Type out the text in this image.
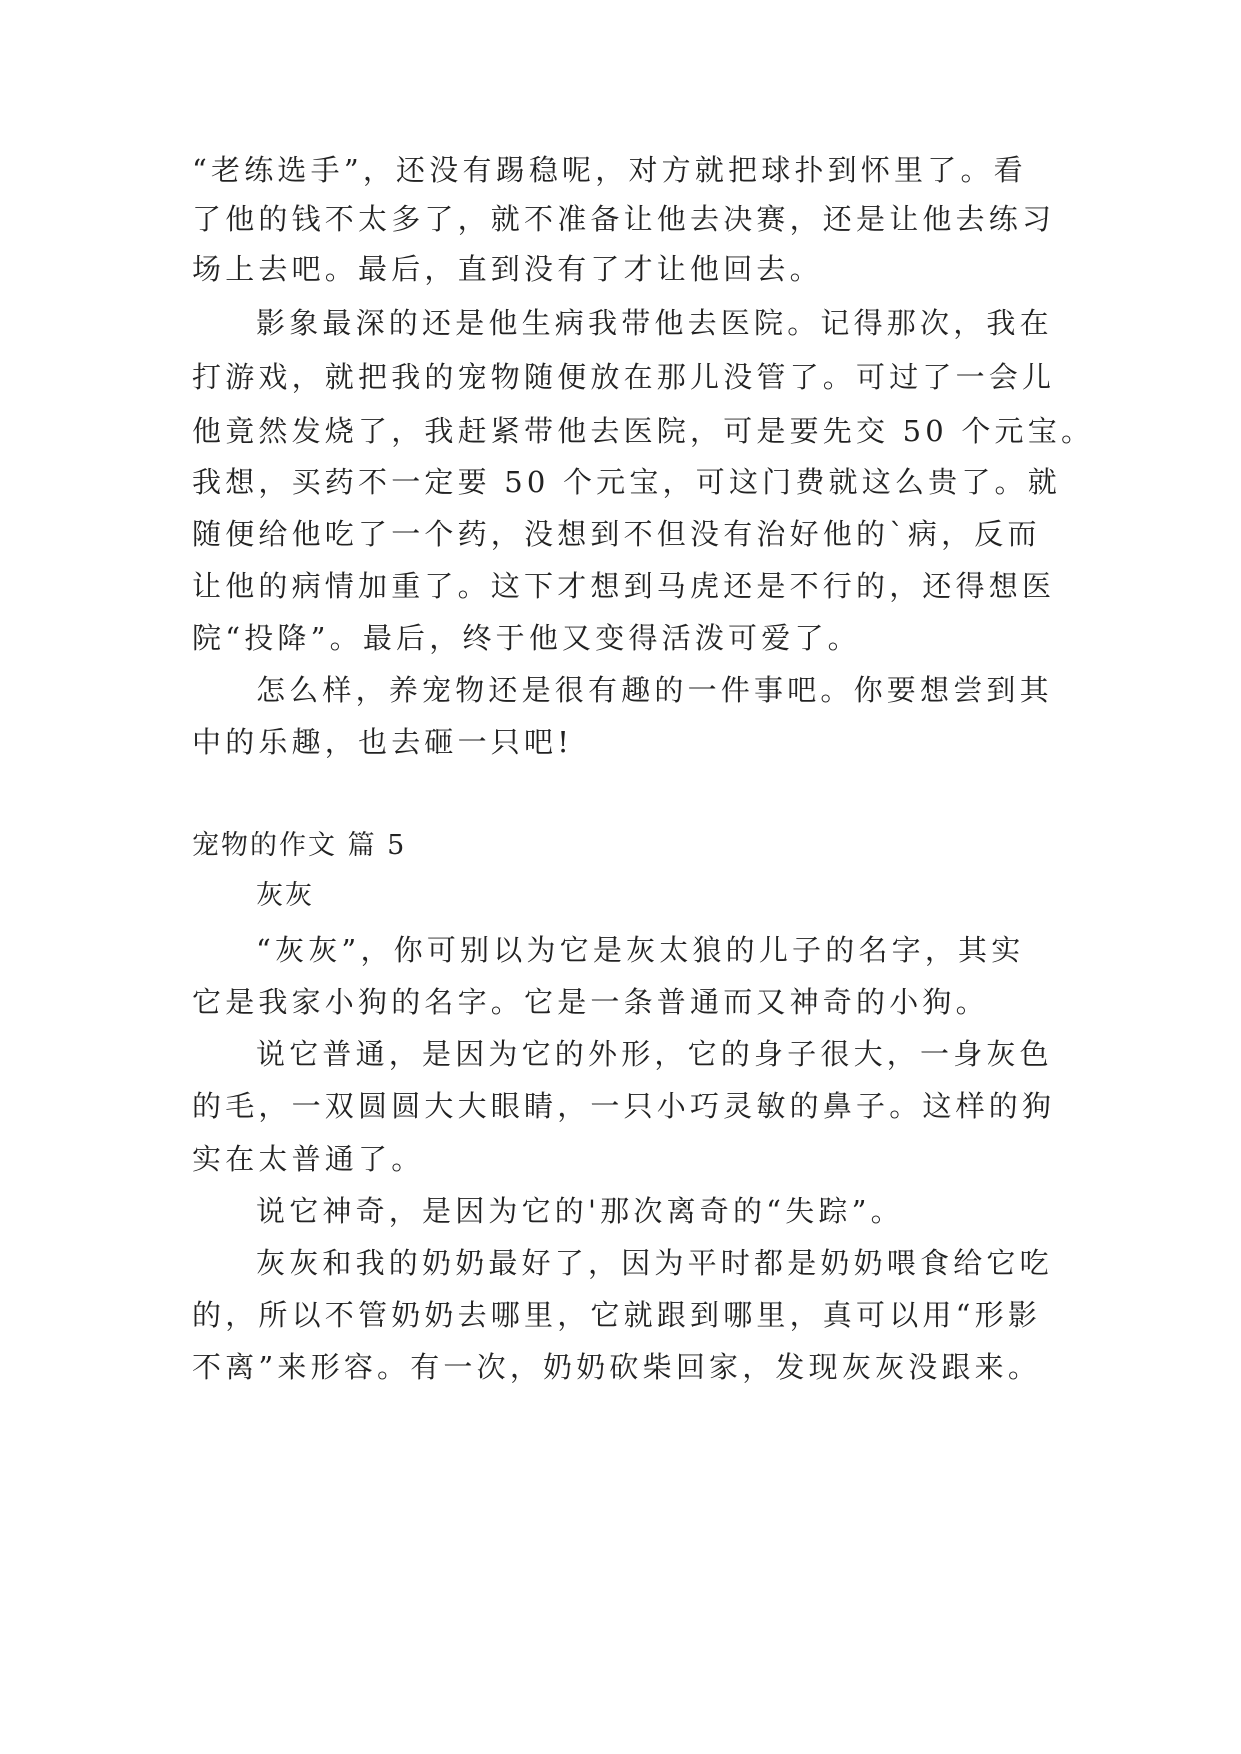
“老练选手”，还没有踢稳呢，对方就把球扑到怀里了。看
了他的钱不太多了，就不准备让他去决赛，还是让他去练习
场上去吧。最后，直到没有了才让他回去。
影象最深的还是他生病我带他去医院。记得那次，我在
打游戏，就把我的宠物随便放在那儿没管了。可过了一会儿
他竟然发烧了，我赶紧带他去医院，可是要先交 50 个元宝。
我想，买药不一定要 50 个元宝，可这门费就这么贵了。就
随便给他吃了一个药，没想到不但没有治好他的`病，反而
让他的病情加重了。这下才想到马虎还是不行的，还得想医
院“投降”。最后，终于他又变得活泼可爱了。
怎么样，养宠物还是很有趣的一件事吧。你要想尝到其
中的乐趣，也去砸一只吧!
宠物的作文 篇 5
灰灰
“灰灰”，你可别以为它是灰太狼的儿子的名字，其实
它是我家小狗的名字。它是一条普通而又神奇的小狗。
说它普通，是因为它的外形，它的身子很大，一身灰色
的毛，一双圆圆大大眼睛，一只小巧灵敏的鼻子。这样的狗
实在太普通了。
说它神奇，是因为它的'那次离奇的“失踪”。
灰灰和我的奶奶最好了，因为平时都是奶奶喂食给它吃
的，所以不管奶奶去哪里，它就跟到哪里，真可以用“形影
不离”来形容。有一次，奶奶砍柴回家，发现灰灰没跟来。
